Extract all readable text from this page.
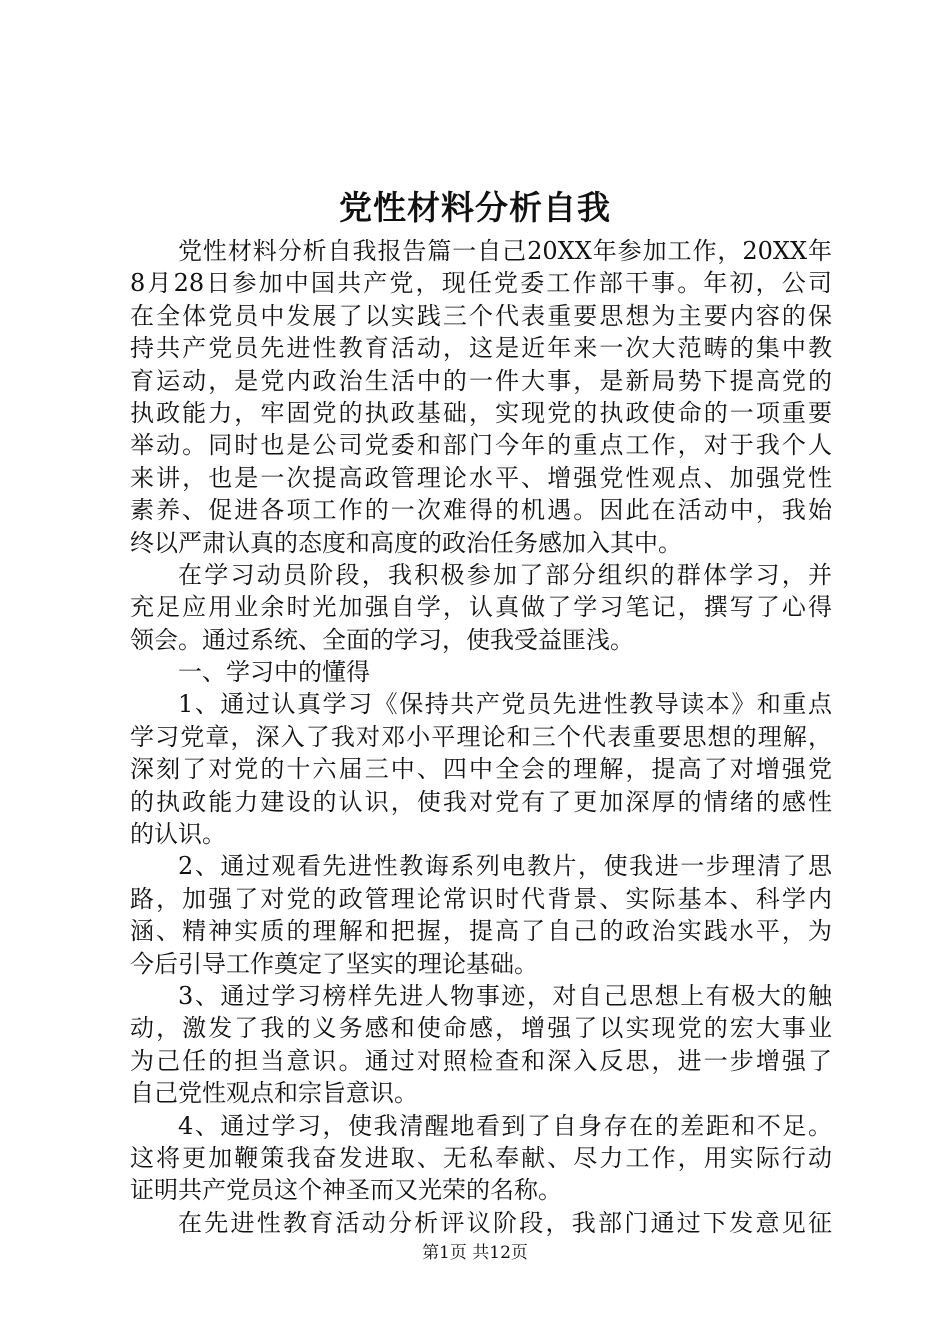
党性材料分析自我
党性材料分析自我报告篇一自己20XX年参加工作，20XX年
8月28日参加中国共产党，现任党委工作部干事。年初，公司
在全体党员中发展了以实践三个代表重要思想为主要内容的保
持共产党员先进性教育活动，这是近年来一次大范畴的集中教
育运动，是党内政治生活中的一件大事，是新局势下提高党的
执政能力，牢固党的执政基础，实现党的执政使命的一项重要
举动。同时也是公司党委和部门今年的重点工作，对于我个人
来讲，也是一次提高政管理论水平、增强党性观点、加强党性
素养、促进各项工作的一次难得的机遇。因此在活动中，我始
终以严肃认真的态度和高度的政治任务感加入其中。
在学习动员阶段，我积极参加了部分组织的群体学习，并
充足应用业余时光加强自学，认真做了学习笔记，撰写了心得
领会。通过系统、全面的学习，使我受益匪浅。
一、学习中的懂得
1、通过认真学习《保持共产党员先进性教导读本》和重点
学习党章，深入了我对邓小平理论和三个代表重要思想的理解，
深刻了对党的十六届三中、四中全会的理解，提高了对增强党
的执政能力建设的认识，使我对党有了更加深厚的情绪的感性
的认识。
2、通过观看先进性教诲系列电教片，使我进一步理清了思
路，加强了对党的政管理论常识时代背景、实际基本、科学内
涵、精神实质的理解和把握，提高了自己的政治实践水平，为
今后引导工作奠定了坚实的理论基础。
3、通过学习榜样先进人物事迹，对自己思想上有极大的触
动，激发了我的义务感和使命感，增强了以实现党的宏大事业
为己任的担当意识。通过对照检查和深入反思，进一步增强了
自己党性观点和宗旨意识。
4、通过学习，使我清醒地看到了自身存在的差距和不足。
这将更加鞭策我奋发进取、无私奉献、尽力工作，用实际行动
证明共产党员这个神圣而又光荣的名称。
在先进性教育活动分析评议阶段，我部门通过下发意见征
第1页 共12页
